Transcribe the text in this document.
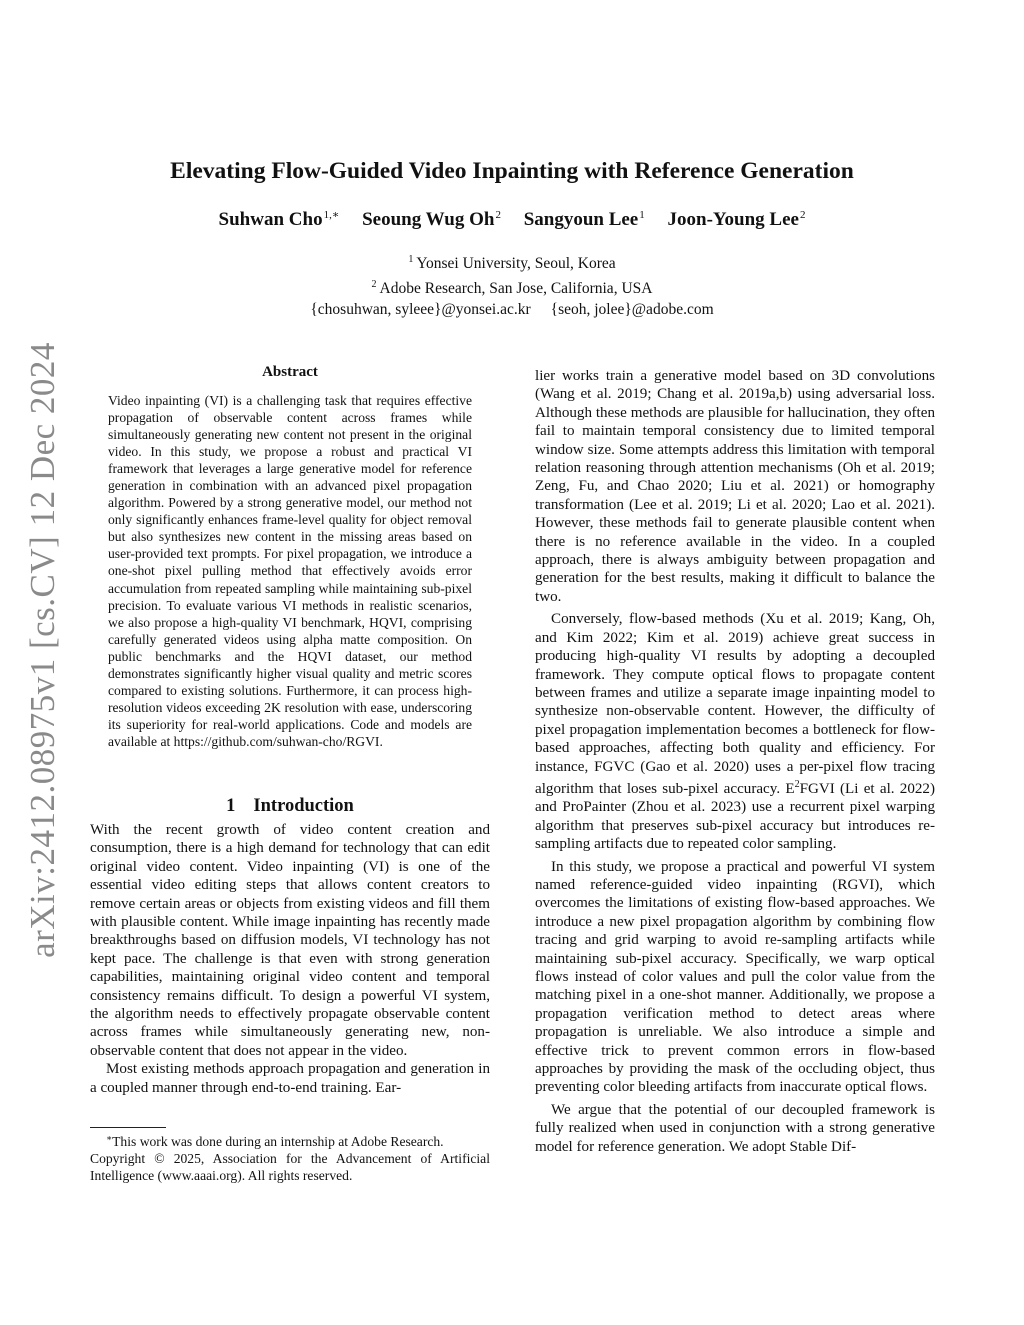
arXiv:2412.08975v1 [cs.CV] 12 Dec 2024
Elevating Flow-Guided Video Inpainting with Reference Generation
Suhwan Cho$^{1,∗}$ Seoung Wug Oh$^2$ Sangyoun Lee$^1$ Joon-Young Lee$^2$
$^1$ Yonsei University, Seoul, Korea
$^2$ Adobe Research, San Jose, California, USA
{chosuhwan, syleee}@yonsei.ac.kr {seoh, jolee}@adobe.com
Abstract
Video inpainting (VI) is a challenging task that requires effective propagation of observable content across frames while simultaneously generating new content not present in the original video. In this study, we propose a robust and practical VI framework that leverages a large generative model for reference generation in combination with an advanced pixel propagation algorithm. Powered by a strong generative model, our method not only significantly enhances frame-level quality for object removal but also synthesizes new content in the missing areas based on user-provided text prompts. For pixel propagation, we introduce a one-shot pixel pulling method that effectively avoids error accumulation from repeated sampling while maintaining sub-pixel precision. To evaluate various VI methods in realistic scenarios, we also propose a high-quality VI benchmark, HQVI, comprising carefully generated videos using alpha matte composition. On public benchmarks and the HQVI dataset, our method demonstrates significantly higher visual quality and metric scores compared to existing solutions. Furthermore, it can process high-resolution videos exceeding 2K resolution with ease, underscoring its superiority for real-world applications. Code and models are available at https://github.com/suhwan-cho/RGVI.
1 Introduction

With the recent growth of video content creation and consumption, there is a high demand for technology that can edit original video content. Video inpainting (VI) is one of the essential video editing steps that allows content creators to remove certain areas or objects from existing videos and fill them with plausible content. While image inpainting has recently made breakthroughs based on diffusion models, VI technology has not kept pace. The challenge is that even with strong generation capabilities, maintaining original video content and temporal consistency remains difficult. To design a powerful VI system, the algorithm needs to effectively propagate observable content across frames while simultaneously generating new, non-observable content that does not appear in the video.

Most existing methods approach propagation and generation in a coupled manner through end-to-end training. Ear-

lier works train a generative model based on 3D convolutions (Wang et al. 2019; Chang et al. 2019a,b) using adversarial loss. Although these methods are plausible for hallucination, they often fail to maintain temporal consistency due to limited temporal window size. Some attempts address this limitation with temporal relation reasoning through attention mechanisms (Oh et al. 2019; Zeng, Fu, and Chao 2020; Liu et al. 2021) or homography transformation (Lee et al. 2019; Li et al. 2020; Lao et al. 2021). However, these methods fail to generate plausible content when there is no reference available in the video. In a coupled approach, there is always ambiguity between propagation and generation for the best results, making it difficult to balance the two.

Conversely, flow-based methods (Xu et al. 2019; Kang, Oh, and Kim 2022; Kim et al. 2019) achieve great success in producing high-quality VI results by adopting a decoupled framework. They compute optical flows to propagate content between frames and utilize a separate image inpainting model to synthesize non-observable content. However, the difficulty of pixel propagation implementation becomes a bottleneck for flow-based approaches, affecting both quality and efficiency. For instance, FGVC (Gao et al. 2020) uses a per-pixel flow tracing algorithm that loses sub-pixel accuracy. $E^2FGVI$ (Li et al. 2022) and ProPainter (Zhou et al. 2023) use a recurrent pixel warping algorithm that preserves sub-pixel accuracy but introduces re-sampling artifacts due to repeated color sampling.

In this study, we propose a practical and powerful VI system named reference-guided video inpainting (RGVI), which overcomes the limitations of existing flow-based approaches. We introduce a new pixel propagation algorithm by combining flow tracing and grid warping to avoid re-sampling artifacts while maintaining sub-pixel accuracy. Specifically, we warp optical flows instead of color values and pull the color value from the matching pixel in a one-shot manner. Additionally, we propose a propagation verification method to detect areas where propagation is unreliable. We also introduce a simple and effective trick to prevent common errors in flow-based approaches by providing the mask of the occluding object, thus preventing color bleeding artifacts from inaccurate optical flows.

We argue that the potential of our decoupled framework is fully realized when used in conjunction with a strong generative model for reference generation. We adopt Stable Dif-

∗This work was done during an internship at Adobe Research.

Copyright © 2025, Association for the Advancement of Artificial Intelligence (www.aaai.org). All rights reserved.
